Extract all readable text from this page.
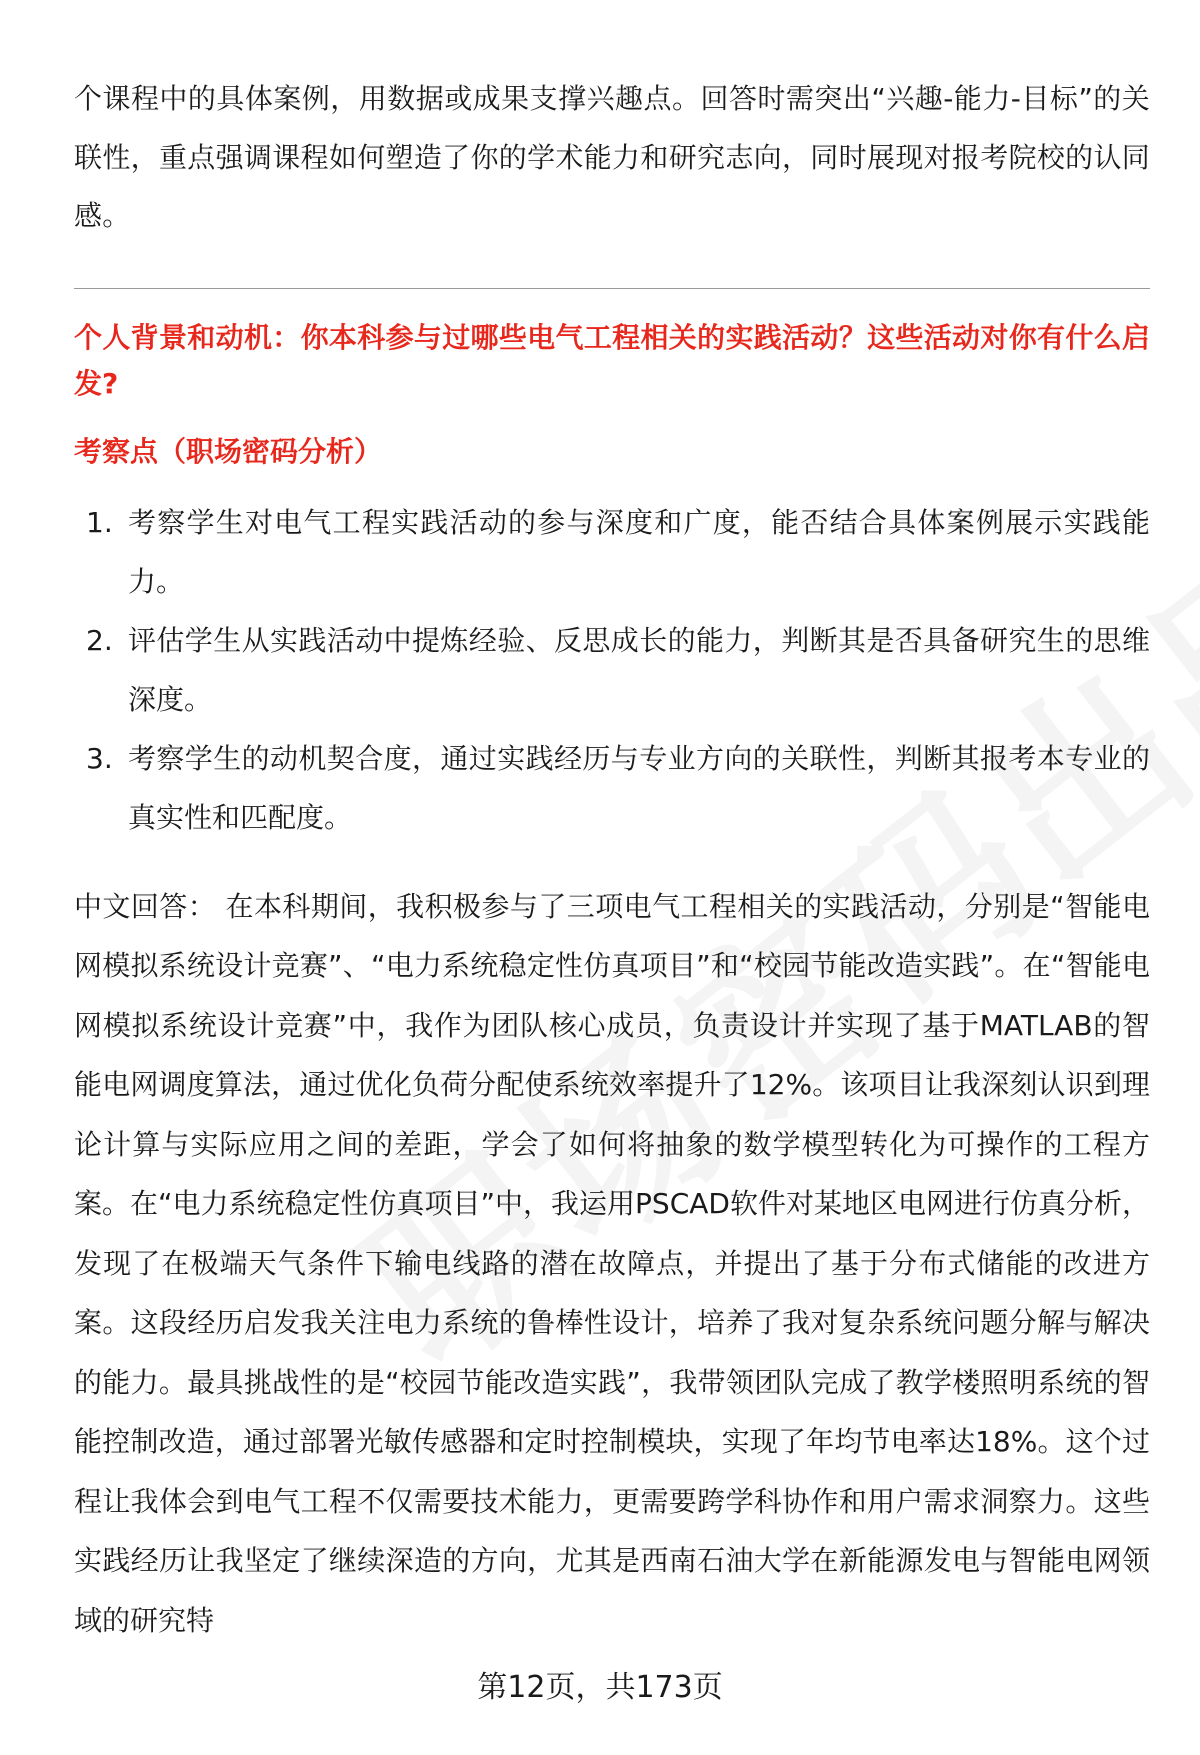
个课程中的具体案例，用数据或成果支撑兴趣点。回答时需突出“兴趣-能力-目标”的关联性，重点强调课程如何塑造了你的学术能力和研究志向，同时展现对报考院校的认同感。

个人背景和动机：你本科参与过哪些电气工程相关的实践活动？这些活动对你有什么启发?

考察点（职场密码分析）

1. 考察学生对电气工程实践活动的参与深度和广度，能否结合具体案例展示实践能力。
2. 评估学生从实践活动中提炼经验、反思成长的能力，判断其是否具备研究生的思维深度。
3. 考察学生的动机契合度，通过实践经历与专业方向的关联性，判断其报考本专业的真实性和匹配度。

中文回答： 在本科期间，我积极参与了三项电气工程相关的实践活动，分别是“智能电网模拟系统设计竞赛”、“电力系统稳定性仿真项目”和“校园节能改造实践”。在“智能电网模拟系统设计竞赛”中，我作为团队核心成员，负责设计并实现了基于MATLAB的智能电网调度算法，通过优化负荷分配使系统效率提升了12%。该项目让我深刻认识到理论计算与实际应用之间的差距，学会了如何将抽象的数学模型转化为可操作的工程方案。在“电力系统稳定性仿真项目”中，我运用PSCAD软件对某地区电网进行仿真分析，发现了在极端天气条件下输电线路的潜在故障点，并提出了基于分布式储能的改进方案。这段经历启发我关注电力系统的鲁棒性设计，培养了我对复杂系统问题分解与解决的能力。最具挑战性的是“校园节能改造实践”，我带领团队完成了教学楼照明系统的智能控制改造，通过部署光敏传感器和定时控制模块，实现了年均节电率达18%。这个过程让我体会到电气工程不仅需要技术能力，更需要跨学科协作和用户需求洞察力。这些实践经历让我坚定了继续深造的方向，尤其是西南石油大学在新能源发电与智能电网领域的研究特

第12页，共173页
